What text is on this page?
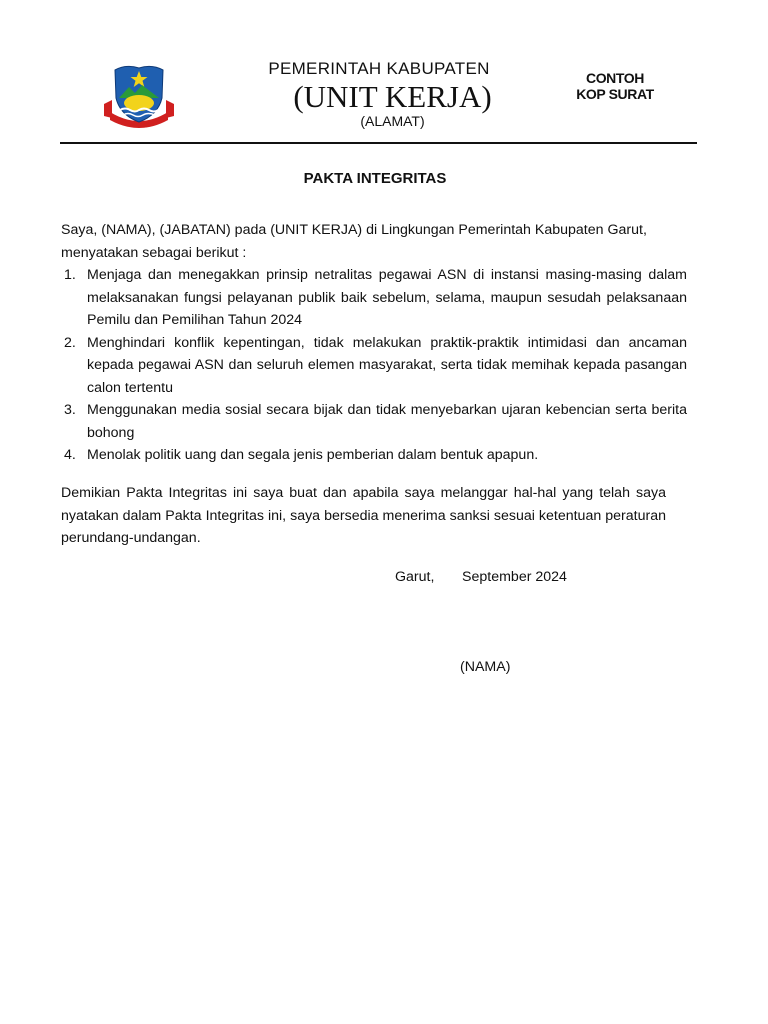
PEMERINTAH KABUPATEN
(UNIT KERJA)
(ALAMAT)
CONTOH
KOP SURAT
PAKTA INTEGRITAS
Saya, (NAMA), (JABATAN) pada (UNIT KERJA) di Lingkungan Pemerintah Kabupaten Garut,
menyatakan sebagai berikut :
1. Menjaga dan menegakkan prinsip netralitas pegawai ASN di instansi masing-masing dalam melaksanakan fungsi pelayanan publik baik sebelum, selama, maupun sesudah pelaksanaan Pemilu dan Pemilihan Tahun 2024
2. Menghindari konflik kepentingan, tidak melakukan praktik-praktik intimidasi dan ancaman kepada pegawai ASN dan seluruh elemen masyarakat, serta tidak memihak kepada pasangan calon tertentu
3. Menggunakan media sosial secara bijak dan tidak menyebarkan ujaran kebencian serta berita bohong
4. Menolak politik uang dan segala jenis pemberian dalam bentuk apapun.
Demikian Pakta Integritas ini saya buat dan apabila saya melanggar hal-hal yang telah saya nyatakan dalam Pakta Integritas ini, saya bersedia menerima sanksi sesuai ketentuan peraturan perundang-undangan.
Garut, September 2024
(NAMA)
